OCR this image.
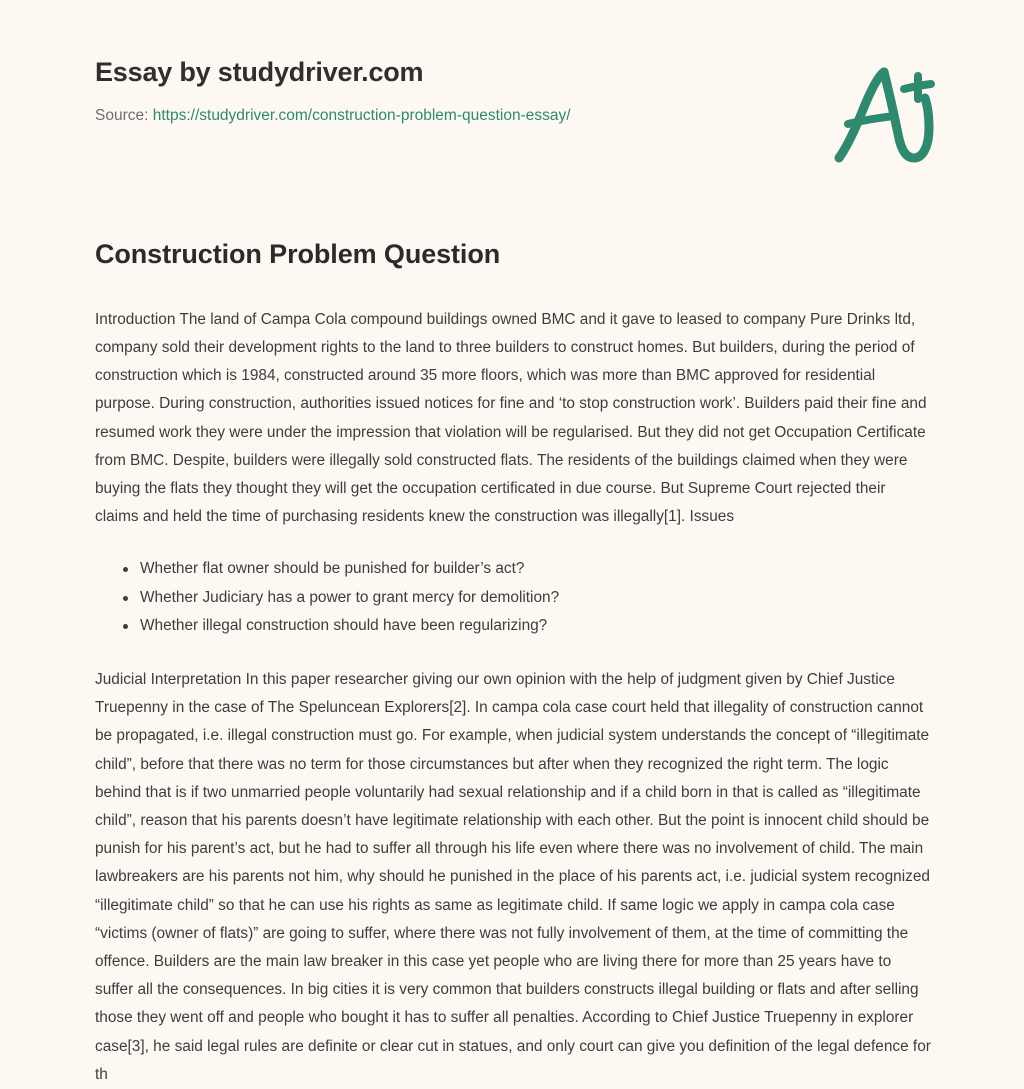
Essay by studydriver.com
Source: https://studydriver.com/construction-problem-question-essay/
Construction Problem Question

Introduction The land of Campa Cola compound buildings owned BMC and it gave to leased to company Pure Drinks ltd, company sold their development rights to the land to three builders to construct homes. But builders, during the period of construction which is 1984, constructed around 35 more floors, which was more than BMC approved for residential purpose. During construction, authorities issued notices for fine and ‘to stop construction work’. Builders paid their fine and resumed work they were under the impression that violation will be regularised. But they did not get Occupation Certificate from BMC. Despite, builders were illegally sold constructed flats. The residents of the buildings claimed when they were buying the flats they thought they will get the occupation certificated in due course. But Supreme Court rejected their claims and held the time of purchasing residents knew the construction was illegally[1]. Issues

Whether flat owner should be punished for builder’s act?
Whether Judiciary has a power to grant mercy for demolition?
Whether illegal construction should have been regularizing?

Judicial Interpretation In this paper researcher giving our own opinion with the help of judgment given by Chief Justice Truepenny in the case of The Speluncean Explorers[2]. In campa cola case court held that illegality of construction cannot be propagated, i.e. illegal construction must go. For example, when judicial system understands the concept of “illegitimate child”, before that there was no term for those circumstances but after when they recognized the right term. The logic behind that is if two unmarried people voluntarily had sexual relationship and if a child born in that is called as “illegitimate child”, reason that his parents doesn’t have legitimate relationship with each other. But the point is innocent child should be punish for his parent’s act, but he had to suffer all through his life even where there was no involvement of child. The main lawbreakers are his parents not him, why should he punished in the place of his parents act, i.e. judicial system recognized “illegitimate child” so that he can use his rights as same as legitimate child. If same logic we apply in campa cola case “victims (owner of flats)” are going to suffer, where there was not fully involvement of them, at the time of committing the offence. Builders are the main law breaker in this case yet people who are living there for more than 25 years have to suffer all the consequences. In big cities it is very common that builders constructs illegal building or flats and after selling those they went off and people who bought it has to suffer all penalties. According to Chief Justice Truepenny in explorer case[3], he said legal rules are definite or clear cut in statues, and only court can give you definition of the legal defence for th
